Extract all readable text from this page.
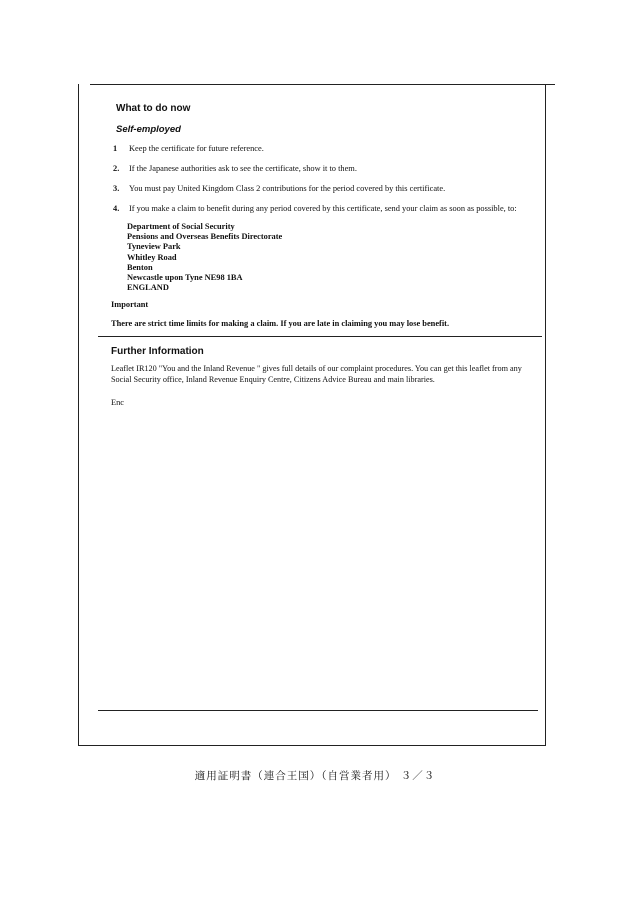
What to do now
Self-employed
1 Keep the certificate for future reference.
2. If the Japanese authorities ask to see the certificate, show it to them.
3. You must pay United Kingdom Class 2 contributions for the period covered by this certificate.
4. If you make a claim to benefit during any period covered by this certificate, send your claim as soon as possible, to:
Department of Social Security
Pensions and Overseas Benefits Directorate
Tyneview Park
Whitley Road
Benton
Newcastle upon Tyne NE98 1BA
ENGLAND
Important
There are strict time limits for making a claim. If you are late in claiming you may lose benefit.
Further Information
Leaflet IR120 "You and the Inland Revenue " gives full details of our complaint procedures. You can get this leaflet from any Social Security office, Inland Revenue Enquiry Centre, Citizens Advice Bureau and main libraries.
Enc
適用証明書（連合王国）（自営業者用） ３／３
